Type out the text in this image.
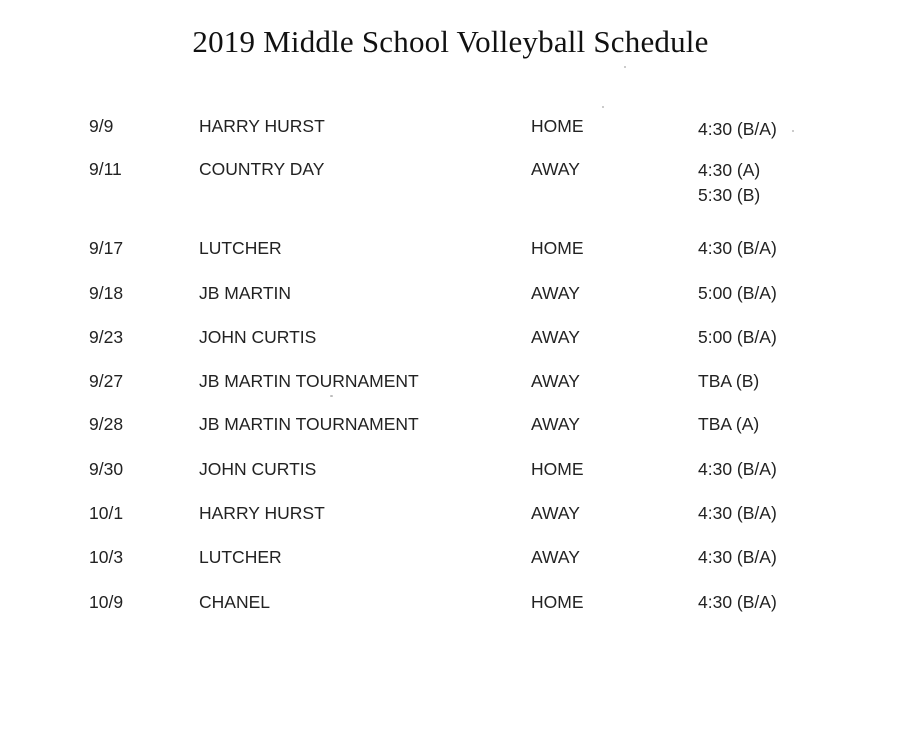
2019 Middle School Volleyball Schedule
9/9	HARRY HURST	HOME	4:30 (B/A)
9/11	COUNTRY DAY	AWAY	4:30 (A)
5:30 (B)
9/17	LUTCHER	HOME	4:30 (B/A)
9/18	JB MARTIN	AWAY	5:00 (B/A)
9/23	JOHN CURTIS	AWAY	5:00 (B/A)
9/27	JB MARTIN TOURNAMENT	AWAY	TBA (B)
9/28	JB MARTIN TOURNAMENT	AWAY	TBA (A)
9/30	JOHN CURTIS	HOME	4:30 (B/A)
10/1	HARRY HURST	AWAY	4:30 (B/A)
10/3	LUTCHER	AWAY	4:30 (B/A)
10/9	CHANEL	HOME	4:30 (B/A)
